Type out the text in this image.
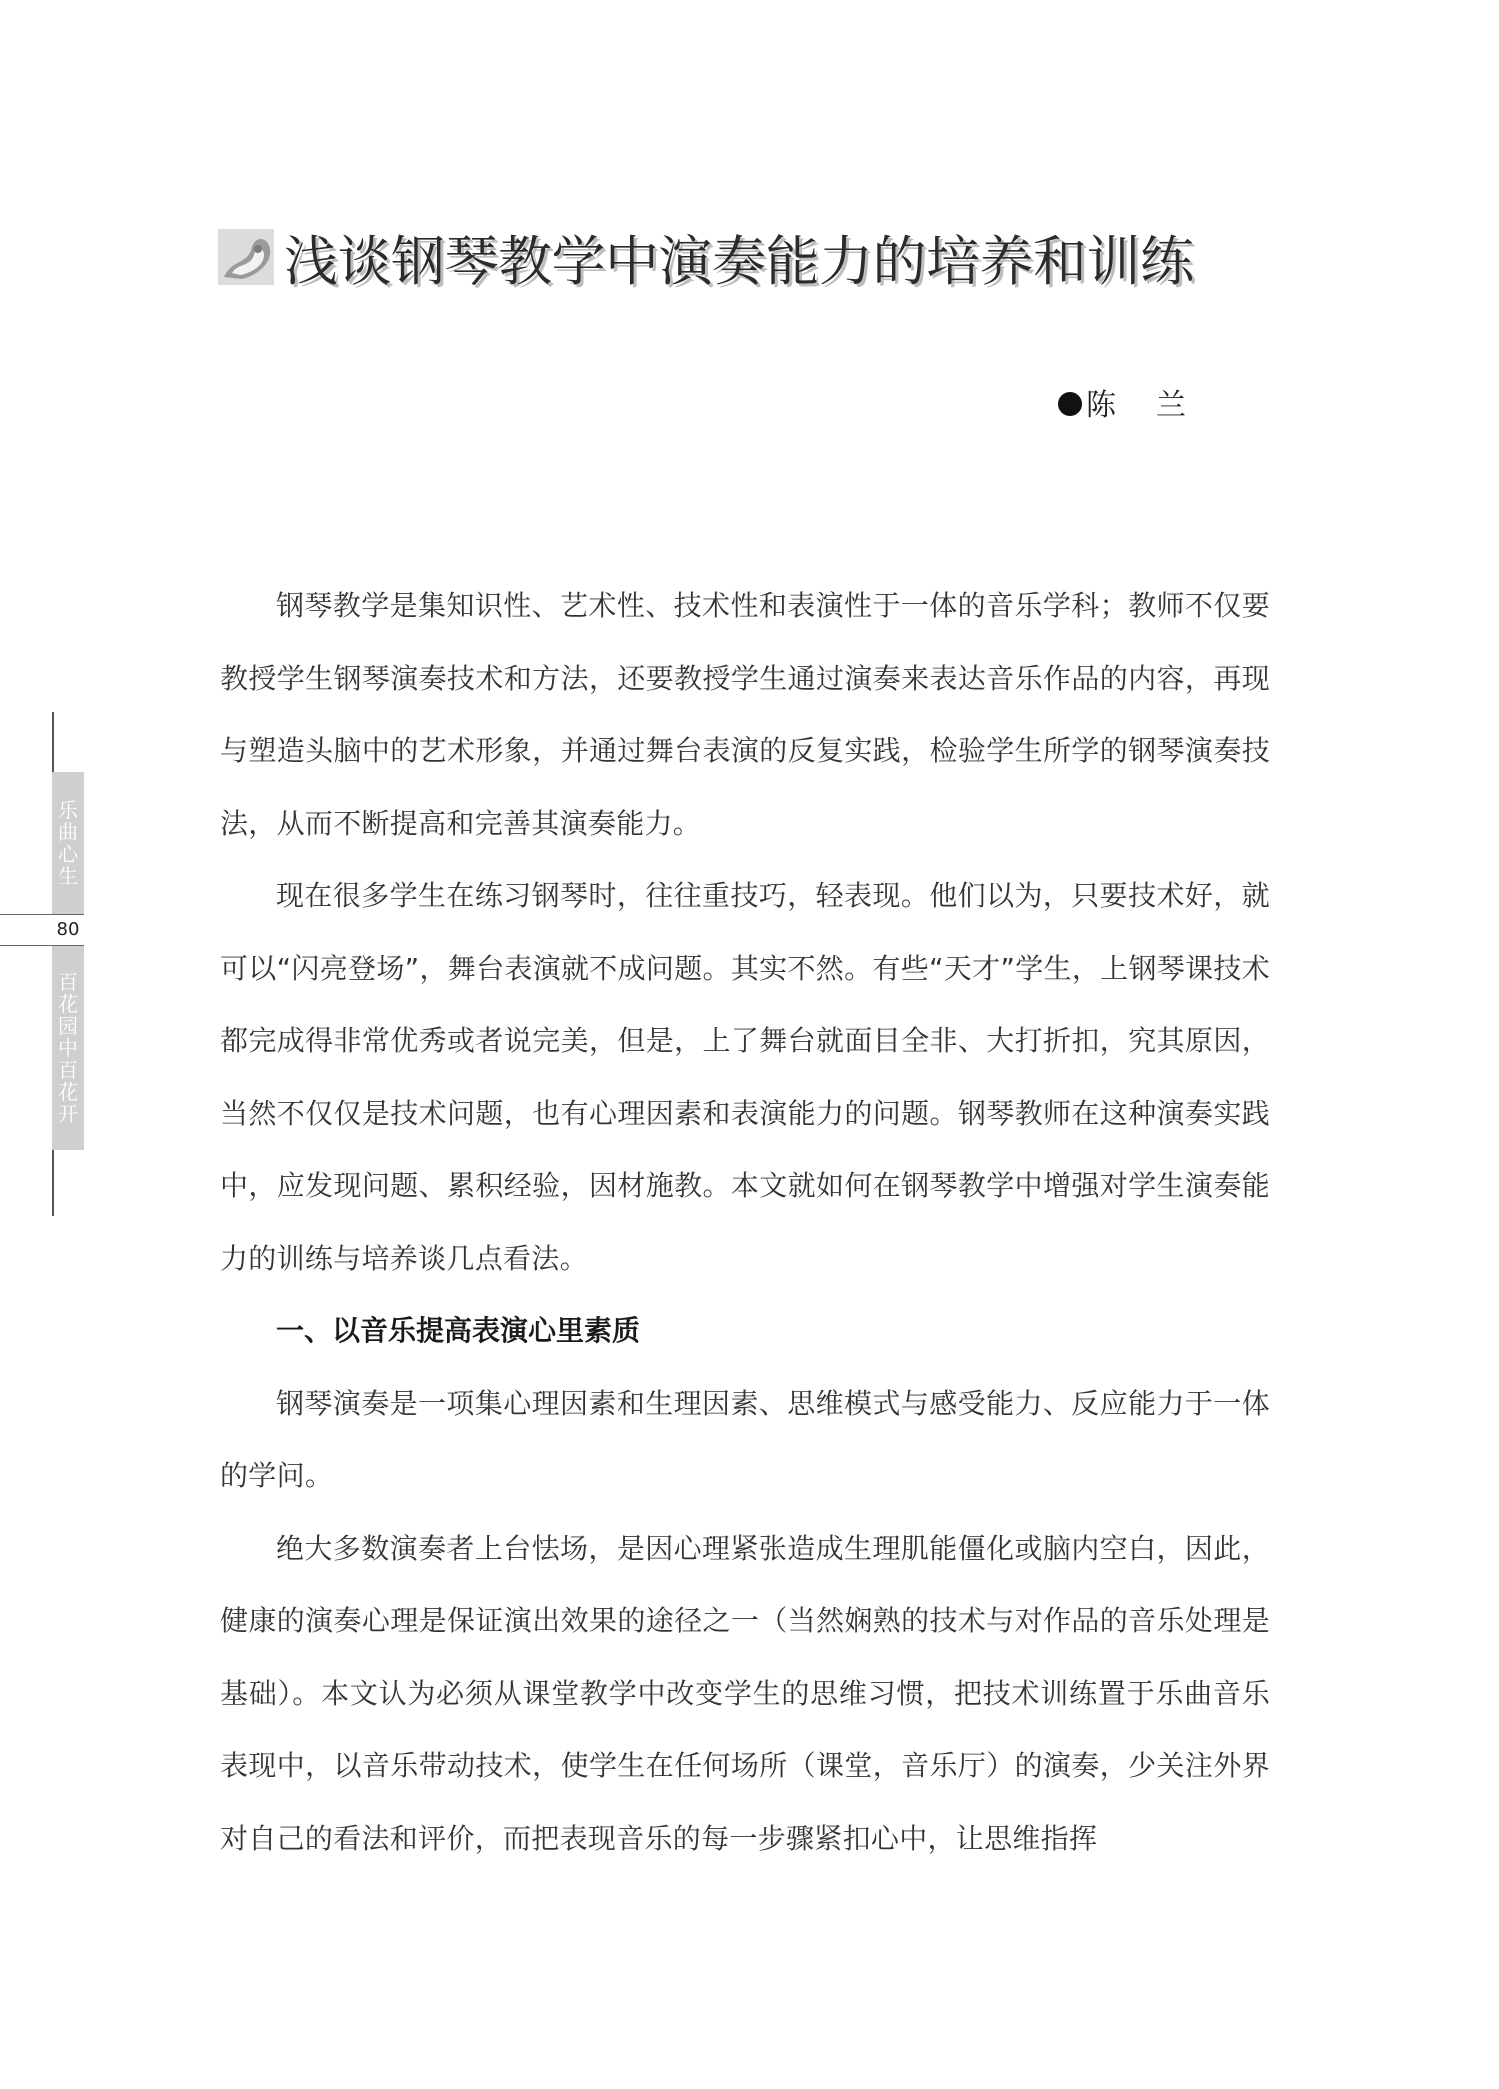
浅谈钢琴教学中演奏能力的培养和训练
陈兰
乐
曲
心
生
80
百
花
园
中
百
花
开

钢琴教学是集知识性、艺术性、技术性和表演性于一体的音乐学科；教师不仅要教授学生钢琴演奏技术和方法，还要教授学生通过演奏来表达音乐作品的内容，再现与塑造头脑中的艺术形象，并通过舞台表演的反复实践，检验学生所学的钢琴演奏技法，从而不断提高和完善其演奏能力。

现在很多学生在练习钢琴时，往往重技巧，轻表现。他们以为，只要技术好，就可以“闪亮登场”，舞台表演就不成问题。其实不然。有些“天才”学生，上钢琴课技术都完成得非常优秀或者说完美，但是，上了舞台就面目全非、大打折扣，究其原因，当然不仅仅是技术问题，也有心理因素和表演能力的问题。钢琴教师在这种演奏实践中，应发现问题、累积经验，因材施教。本文就如何在钢琴教学中增强对学生演奏能力的训练与培养谈几点看法。

一、以音乐提高表演心里素质

钢琴演奏是一项集心理因素和生理因素、思维模式与感受能力、反应能力于一体的学问。

绝大多数演奏者上台怯场，是因心理紧张造成生理肌能僵化或脑内空白，因此，健康的演奏心理是保证演出效果的途径之一（当然娴熟的技术与对作品的音乐处理是基础）。本文认为必须从课堂教学中改变学生的思维习惯，把技术训练置于乐曲音乐表现中，以音乐带动技术，使学生在任何场所（课堂，音乐厅）的演奏，少关注外界对自己的看法和评价，而把表现音乐的每一步骤紧扣心中，让思维指挥
